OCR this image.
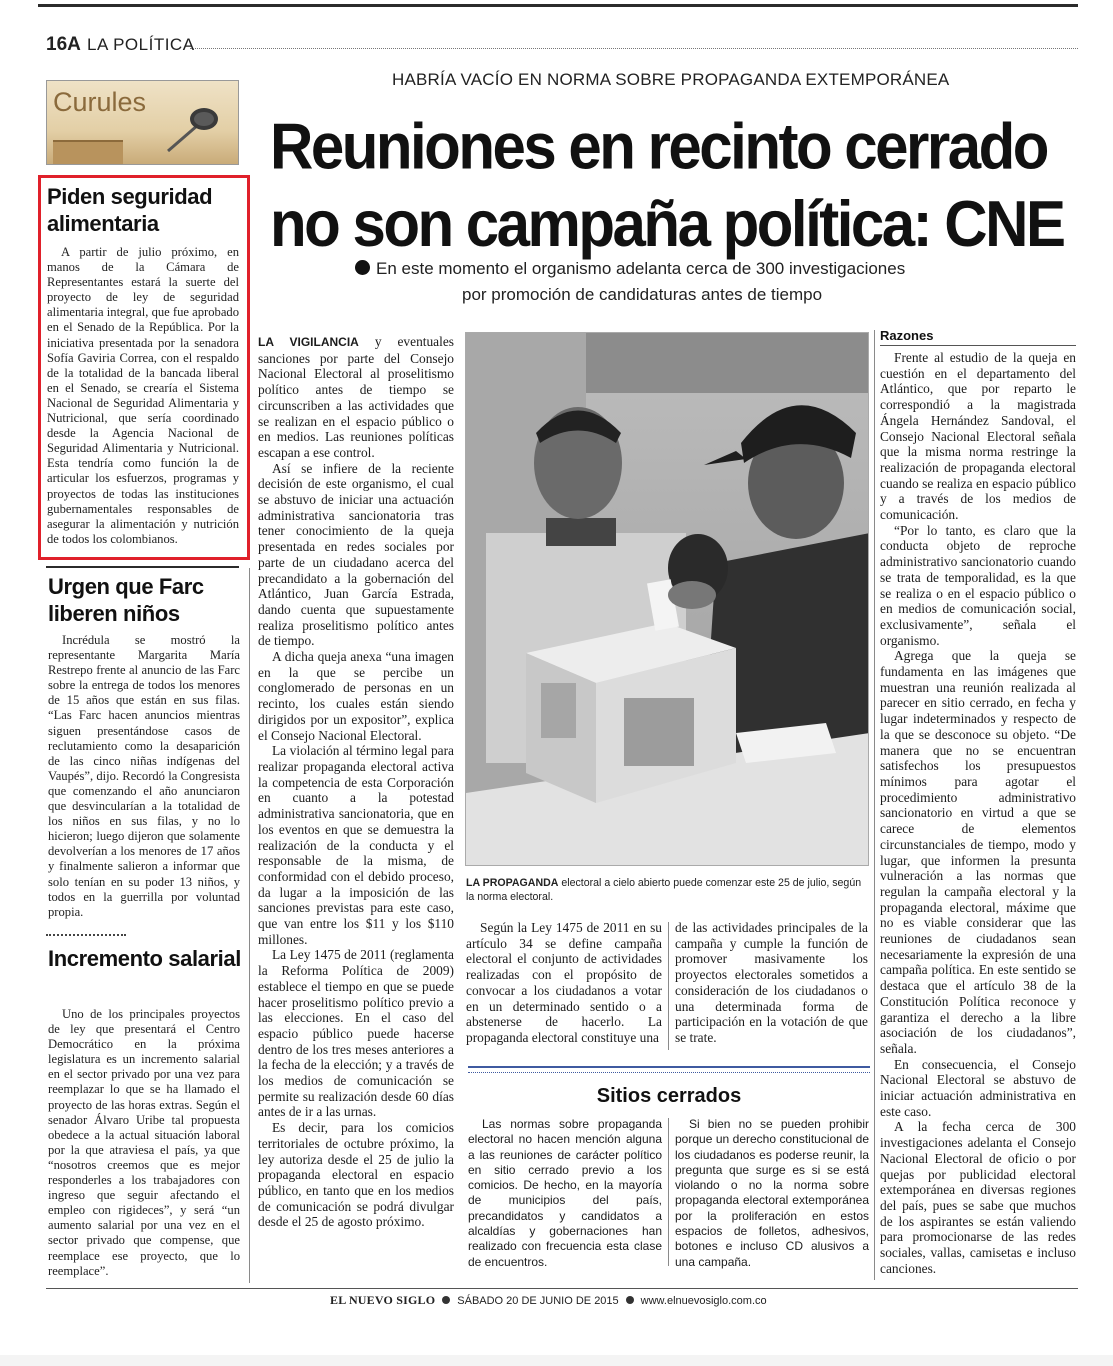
16A LA POLÍTICA
Curules
Piden seguridad alimentaria
A partir de julio próximo, en manos de la Cámara de Representantes estará la suerte del proyecto de ley de seguridad alimentaria integral, que fue aprobado en el Senado de la República. Por la iniciativa presentada por la senadora Sofía Gaviria Correa, con el respaldo de la totalidad de la bancada liberal en el Senado, se crearía el Sistema Nacional de Seguridad Alimentaria y Nutricional, que sería coordinado desde la Agencia Nacional de Seguridad Alimentaria y Nutricional. Esta tendría como función la de articular los esfuerzos, programas y proyectos de todas las instituciones gubernamentales responsables de asegurar la alimentación y nutrición de todos los colombianos.
Urgen que Farc liberen niños
Incrédula se mostró la representante Margarita María Restrepo frente al anuncio de las Farc sobre la entrega de todos los menores de 15 años que están en sus filas. “Las Farc hacen anuncios mientras siguen presentándose casos de reclutamiento como la desaparición de las cinco niñas indígenas del Vaupés”, dijo. Recordó la Congresista que comenzando el año anunciaron que desvincularían a la totalidad de los niños en sus filas, y no lo hicieron; luego dijeron que solamente devolverían a los menores de 17 años y finalmente salieron a informar que solo tenían en su poder 13 niños, y todos en la guerrilla por voluntad propia.
Incremento salarial
Uno de los principales proyectos de ley que presentará el Centro Democrático en la próxima legislatura es un incremento salarial en el sector privado por una vez para reemplazar lo que se ha llamado el proyecto de las horas extras. Según el senador Álvaro Uribe tal propuesta obedece a la actual situación laboral por la que atraviesa el país, ya que “nosotros creemos que es mejor responderles a los trabajadores con ingreso que seguir afectando el empleo con rigideces”, y será “un aumento salarial por una vez en el sector privado que compense, que reemplace ese proyecto, que lo reemplace”.
HABRÍA VACÍO EN NORMA SOBRE PROPAGANDA EXTEMPORÁNEA
Reuniones en recinto cerrado
no son campaña política: CNE
En este momento el organismo adelanta cerca de 300 investigaciones
por promoción de candidaturas antes de tiempo

LA VIGILANCIA y eventuales sanciones por parte del Consejo Nacional Electoral al proselitismo político antes de tiempo se circunscriben a las actividades que se realizan en el espacio público o en medios. Las reuniones políticas escapan a ese control.

Así se infiere de la reciente decisión de este organismo, el cual se abstuvo de iniciar una actuación administrativa sancionatoria tras tener conocimiento de la queja presentada en redes sociales por parte de un ciudadano acerca del precandidato a la gobernación del Atlántico, Juan García Estrada, dando cuenta que supuestamente realiza proselitismo político antes de tiempo.

A dicha queja anexa “una imagen en la que se percibe un conglomerado de personas en un recinto, los cuales están siendo dirigidos por un expositor”, explica el Consejo Nacional Electoral.

La violación al término legal para realizar propaganda electoral activa la competencia de esta Corporación en cuanto a la potestad administrativa sancionatoria, que en los eventos en que se demuestra la realización de la conducta y el responsable de la misma, de conformidad con el debido proceso, da lugar a la imposición de las sanciones previstas para este caso, que van entre los $11 y los $110 millones.

La Ley 1475 de 2011 (reglamenta la Reforma Política de 2009) establece el tiempo en que se puede hacer proselitismo político previo a las elecciones. En el caso del espacio público puede hacerse dentro de los tres meses anteriores a la fecha de la elección; y a través de los medios de comunicación se permite su realización desde 60 días antes de ir a las urnas.

Es decir, para los comicios territoriales de octubre próximo, la ley autoriza desde el 25 de julio la propaganda electoral en espacio público, en tanto que en los medios de comunicación se podrá divulgar desde el 25 de agosto próximo.

LA PROPAGANDA electoral a cielo abierto puede comenzar este 25 de julio, según la norma electoral.

Según la Ley 1475 de 2011 en su artículo 34 se define campaña electoral el conjunto de actividades realizadas con el propósito de convocar a los ciudadanos a votar en un determinado sentido o a abstenerse de hacerlo. La propaganda electoral constituye una

de las actividades principales de la campaña y cumple la función de promover masivamente los proyectos electorales sometidos a consideración de los ciudadanos o una determinada forma de participación en la votación de que se trate.

Sitios cerrados

Las normas sobre propaganda electoral no hacen mención alguna a las reuniones de carácter político en sitio cerrado previo a los comicios. De hecho, en la mayoría de municipios del país, precandidatos y candidatos a alcaldías y gobernaciones han realizado con frecuencia esta clase de encuentros.

Si bien no se pueden prohibir porque un derecho constitucional de los ciudadanos es poderse reunir, la pregunta que surge es si se está violando o no la norma sobre propaganda electoral extemporánea por la proliferación en estos espacios de folletos, adhesivos, botones e incluso CD alusivos a una campaña.

Razones

Frente al estudio de la queja en cuestión en el departamento del Atlántico, que por reparto le correspondió a la magistrada Ángela Hernández Sandoval, el Consejo Nacional Electoral señala que la misma norma restringe la realización de propaganda electoral cuando se realiza en espacio público y a través de los medios de comunicación.

“Por lo tanto, es claro que la conducta objeto de reproche administrativo sancionatorio cuando se trata de temporalidad, es la que se realiza o en el espacio público o en medios de comunicación social, exclusivamente”, señala el organismo.

Agrega que la queja se fundamenta en las imágenes que muestran una reunión realizada al parecer en sitio cerrado, en fecha y lugar indeterminados y respecto de la que se desconoce su objeto. “De manera que no se encuentran satisfechos los presupuestos mínimos para agotar el procedimiento administrativo sancionatorio en virtud a que se carece de elementos circunstanciales de tiempo, modo y lugar, que informen la presunta vulneración a las normas que regulan la campaña electoral y la propaganda electoral, máxime que no es viable considerar que las reuniones de ciudadanos sean necesariamente la expresión de una campaña política. En este sentido se destaca que el artículo 38 de la Constitución Política reconoce y garantiza el derecho a la libre asociación de los ciudadanos”, señala.

En consecuencia, el Consejo Nacional Electoral se abstuvo de iniciar actuación administrativa en este caso.

A la fecha cerca de 300 investigaciones adelanta el Consejo Nacional Electoral de oficio o por quejas por publicidad electoral extemporánea en diversas regiones del país, pues se sabe que muchos de los aspirantes se están valiendo para promocionarse de las redes sociales, vallas, camisetas e incluso canciones.

EL NUEVO SIGLO SÁBADO 20 DE JUNIO DE 2015 www.elnuevosiglo.com.co
